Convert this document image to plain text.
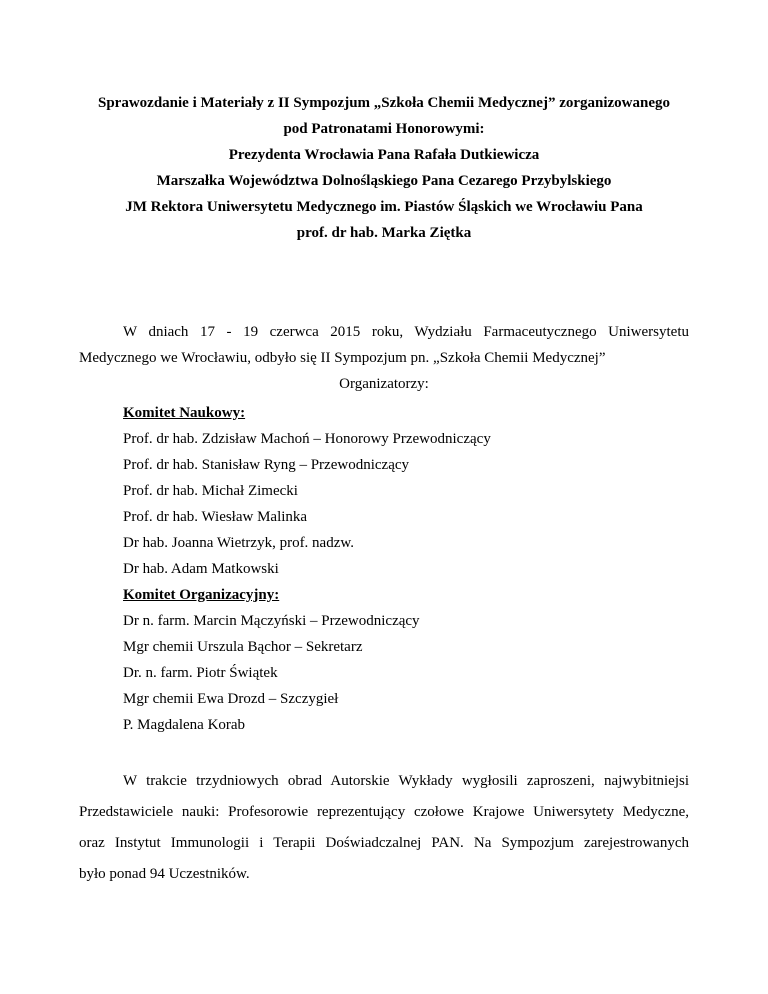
Sprawozdanie i Materiały z II Sympozjum „Szkoła Chemii Medycznej” zorganizowanego
pod Patronatami Honorowymi:
Prezydenta Wrocławia Pana Rafała Dutkiewicza
Marszałka Województwa Dolnośląskiego Pana Cezarego Przybylskiego
JM Rektora Uniwersytetu Medycznego im. Piastów Śląskich we Wrocławiu Pana
prof. dr hab. Marka Ziętka

W dniach 17 - 19 czerwca 2015 roku, Wydziału Farmaceutycznego Uniwersytetu

Medycznego we Wrocławiu, odbyło się II Sympozjum pn. „Szkoła Chemii Medycznej”

Organizatorzy:
Komitet Naukowy:
Prof. dr hab. Zdzisław Machoń – Honorowy Przewodniczący
Prof. dr hab. Stanisław Ryng – Przewodniczący
Prof. dr hab. Michał Zimecki
Prof. dr hab. Wiesław Malinka
Dr hab. Joanna Wietrzyk, prof. nadzw.
Dr hab. Adam Matkowski
Komitet Organizacyjny:
Dr n. farm. Marcin Mączyński – Przewodniczący
Mgr chemii Urszula Bąchor – Sekretarz
Dr. n. farm. Piotr Świątek
Mgr chemii Ewa Drozd – Szczygieł
P. Magdalena Korab
W trakcie trzydniowych obrad Autorskie Wykłady wygłosili zaproszeni, najwybitniejsi
Przedstawiciele nauki: Profesorowie reprezentujący czołowe Krajowe Uniwersytety Medyczne,
oraz Instytut Immunologii i Terapii Doświadczalnej PAN. Na Sympozjum zarejestrowanych
było ponad 94 Uczestników.
